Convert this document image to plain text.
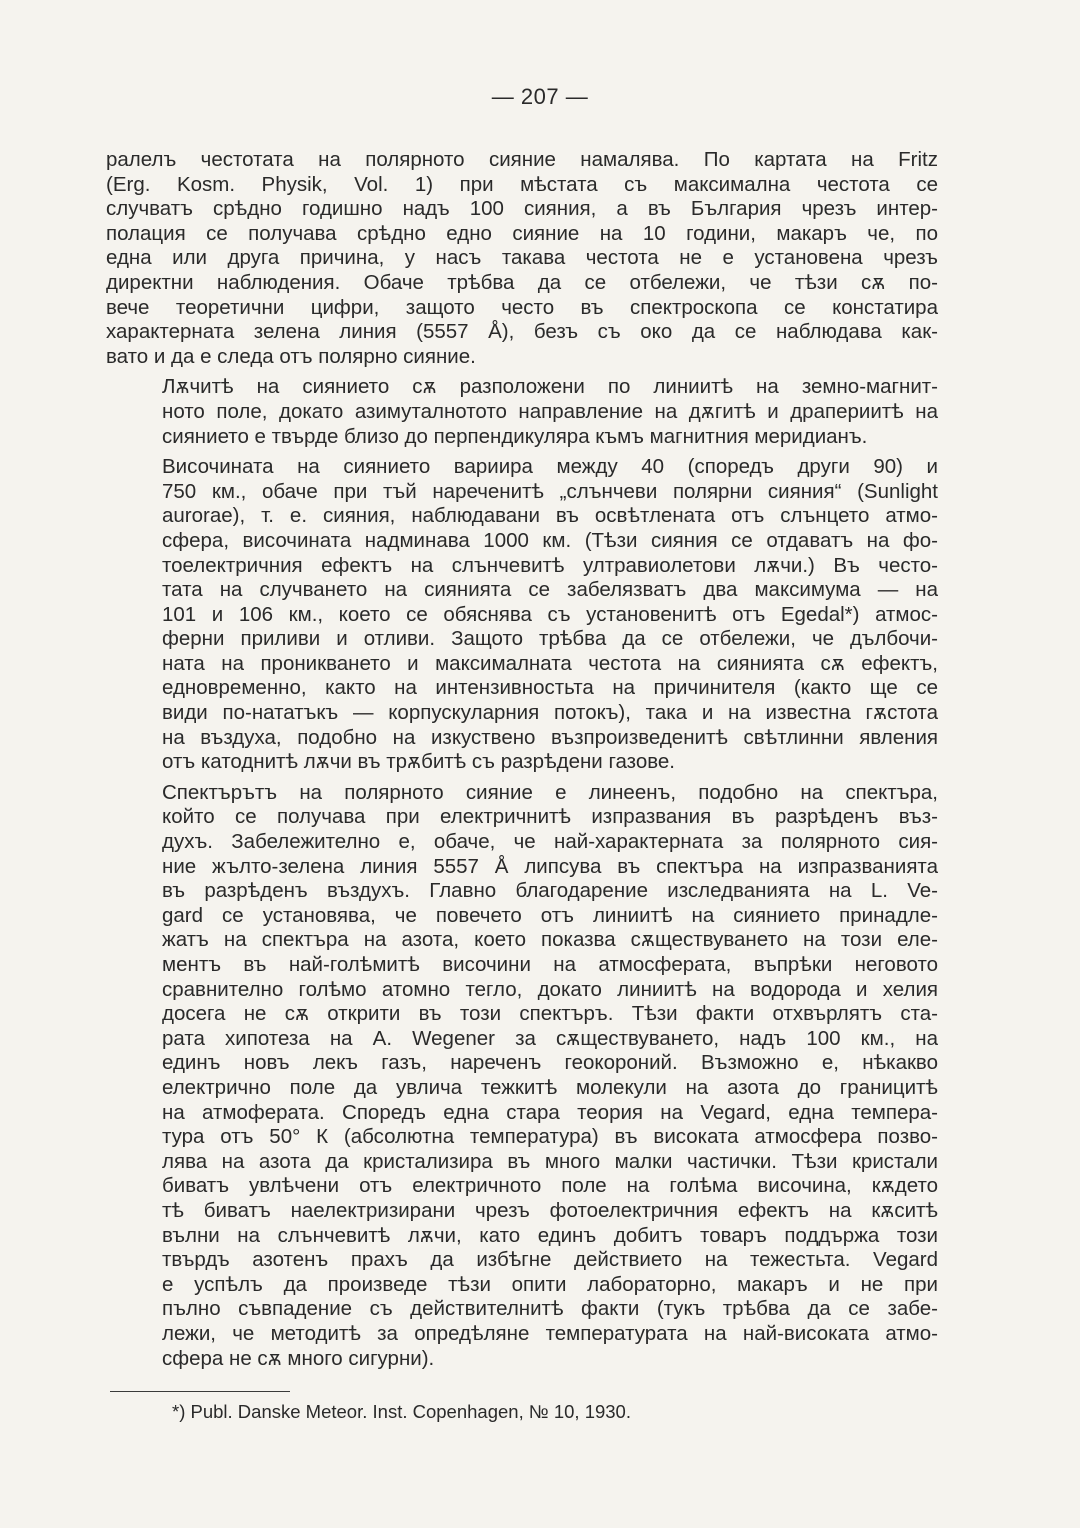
— 207 —

ралелъ честотата на полярното сияние намалява. По картата на Fritz
(Erg. Kosm. Physik, Vol. 1) при мѣстата съ максимална честота се
случватъ срѣдно годишно надъ 100 сияния, а въ България чрезъ интер-
полация се получава срѣдно едно сияние на 10 години, макаръ че, по
една или друга причина, у насъ такава честота не е установена чрезъ
директни наблюдения. Обаче трѣбва да се отбележи, че тѣзи сѫ по-
вече теоретични цифри, защото често въ спектроскопа се констатира
характерната зелена линия (5557 Å), безъ съ око да се наблюдава как-
вато и да е следа отъ полярно сияние.

Лѫчитѣ на сиянието сѫ разположени по линиитѣ на земно-магнит-
ното поле, докато азимуталнотото направление на дѫгитѣ и драпериитѣ на
сиянието е твърде близо до перпендикуляра къмъ магнитния меридианъ.

Височината на сиянието вариира между 40 (споредъ други 90) и
750 км., обаче при тъй нареченитѣ „слънчеви полярни сияния“ (Sunlight
aurorae), т. е. сияния, наблюдавани въ освѣтлената отъ слънцето атмо-
сфера, височината надминава 1000 км. (Тѣзи сияния се отдаватъ на фо-
тоелектричния ефектъ на слънчевитѣ ултравиолетови лѫчи.) Въ често-
тата на случването на сиянията се забелязватъ два максимума — на
101 и 106 км., което се обяснява съ установенитѣ отъ Egedal*) атмос-
ферни приливи и отливи. Защото трѣбва да се отбележи, че дълбочи-
ната на проникването и максималната честота на сиянията сѫ ефектъ,
едновременно, както на интензивностьта на причинителя (както ще се
види по-нататъкъ — корпускуларния потокъ), така и на известна гѫстота
на въздуха, подобно на изкуствено възпроизведенитѣ свѣтлинни явления
отъ катоднитѣ лѫчи въ трѫбитѣ съ разрѣдени газове.

Спектърътъ на полярното сияние е линеенъ, подобно на спектъра,
който се получава при електричнитѣ изпразвания въ разрѣденъ въз-
духъ. Забележително е, обаче, че най-характерната за полярното сия-
ние жълто-зелена линия 5557 Å липсува въ спектъра на изпразванията
въ разрѣденъ въздухъ. Главно благодарение изследванията на L. Ve-
gard се установява, че повечето отъ линиитѣ на сиянието принадле-
жатъ на спектъра на азота, което показва сѫществуването на този еле-
ментъ въ най-голѣмитѣ височини на атмосферата, въпрѣки неговото
сравнително голѣмо атомно тегло, докато линиитѣ на водорода и хелия
досега не сѫ открити въ този спектъръ. Тѣзи факти отхвърлятъ ста-
рата хипотеза на A. Wegener за сѫществуването, надъ 100 км., на
единъ новъ лекъ газъ, нареченъ геокороний. Възможно е, нѣкакво
електрично поле да увлича тежкитѣ молекули на азота до границитѣ
на атмоферата. Споредъ една стара теория на Vegard, една темпера-
тура отъ 50° К (абсолютна температура) въ високата атмосфера позво-
лява на азота да кристализира въ много малки частички. Тѣзи кристали
биватъ увлѣчени отъ електричното поле на голѣма височина, кѫдето
тѣ биватъ наелектризирани чрезъ фотоелектричния ефектъ на кѫситѣ
вълни на слънчевитѣ лѫчи, като единъ добитъ товаръ поддържа този
твърдъ азотенъ прахъ да избѣгне действието на тежестьта. Vegard
е успѣлъ да произведе тѣзи опити лабораторно, макаръ и не при
пълно съвпадение съ действителнитѣ факти (тукъ трѣбва да се забе-
лежи, че методитѣ за опредѣляне температурата на най-високата атмо-
сфера не сѫ много сигурни).

*) Publ. Danske Meteor. Inst. Copenhagen, № 10, 1930.
